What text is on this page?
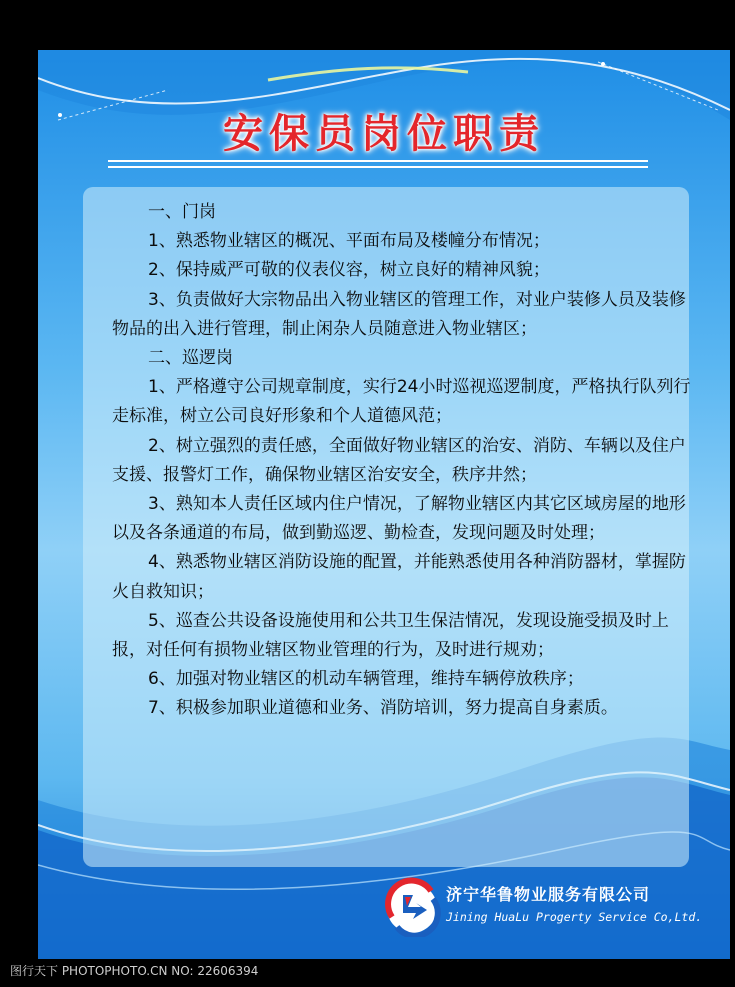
安保员岗位职责

一、门岗

1、熟悉物业辖区的概况、平面布局及楼幢分布情况；

2、保持威严可敬的仪表仪容，树立良好的精神风貌；

3、负责做好大宗物品出入物业辖区的管理工作，对业户装修人员及装修物品的出入进行管理，制止闲杂人员随意进入物业辖区；

二、巡逻岗

1、严格遵守公司规章制度，实行24小时巡视巡逻制度，严格执行队列行走标准，树立公司良好形象和个人道德风范；

2、树立强烈的责任感，全面做好物业辖区的治安、消防、车辆以及住户支援、报警灯工作，确保物业辖区治安安全，秩序井然；

3、熟知本人责任区域内住户情况，了解物业辖区内其它区域房屋的地形以及各条通道的布局，做到勤巡逻、勤检查，发现问题及时处理；

4、熟悉物业辖区消防设施的配置，并能熟悉使用各种消防器材，掌握防火自救知识；

5、巡查公共设备设施使用和公共卫生保洁情况，发现设施受损及时上报，对任何有损物业辖区物业管理的行为，及时进行规劝；

6、加强对物业辖区的机动车辆管理，维持车辆停放秩序；

7、积极参加职业道德和业务、消防培训，努力提高自身素质。

济宁华鲁物业服务有限公司
Jining HuaLu Progerty Service Co,Ltd.
图行天下 PHOTOPHOTO.CN NO: 22606394
